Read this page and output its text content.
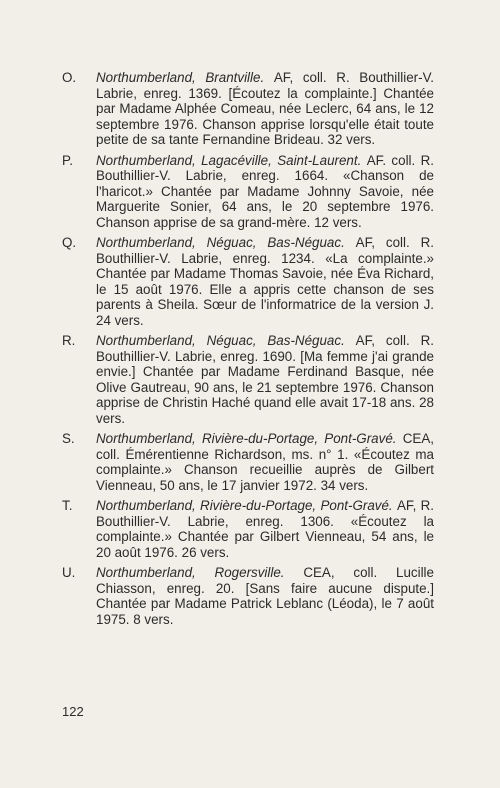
O. Northumberland, Brantville. AF, coll. R. Bouthillier-V. Labrie, enreg. 1369. [Écoutez la complainte.] Chantée par Madame Alphée Comeau, née Leclerc, 64 ans, le 12 septembre 1976. Chanson apprise lorsqu'elle était toute petite de sa tante Fernandine Brideau. 32 vers.
P. Northumberland, Lagacéville, Saint-Laurent. AF. coll. R. Bouthillier-V. Labrie, enreg. 1664. «Chanson de l'haricot.» Chantée par Madame Johnny Savoie, née Marguerite Sonier, 64 ans, le 20 septembre 1976. Chanson apprise de sa grand-mère. 12 vers.
Q. Northumberland, Néguac, Bas-Néguac. AF, coll. R. Bouthillier-V. Labrie, enreg. 1234. «La complainte.» Chantée par Madame Thomas Savoie, née Éva Richard, le 15 août 1976. Elle a appris cette chanson de ses parents à Sheila. Sœur de l'informatrice de la version J. 24 vers.
R. Northumberland, Néguac, Bas-Néguac. AF, coll. R. Bouthillier-V. Labrie, enreg. 1690. [Ma femme j'ai grande envie.] Chantée par Madame Ferdinand Basque, née Olive Gautreau, 90 ans, le 21 septembre 1976. Chanson apprise de Christin Haché quand elle avait 17-18 ans. 28 vers.
S. Northumberland, Rivière-du-Portage, Pont-Gravé. CEA, coll. Émérentienne Richardson, ms. n° 1. «Écoutez ma complainte.» Chanson recueillie auprès de Gilbert Vienneau, 50 ans, le 17 janvier 1972. 34 vers.
T. Northumberland, Rivière-du-Portage, Pont-Gravé. AF, R. Bouthillier-V. Labrie, enreg. 1306. «Écoutez la complainte.» Chantée par Gilbert Vienneau, 54 ans, le 20 août 1976. 26 vers.
U. Northumberland, Rogersville. CEA, coll. Lucille Chiasson, enreg. 20. [Sans faire aucune dispute.] Chantée par Madame Patrick Leblanc (Léoda), le 7 août 1975. 8 vers.
122
